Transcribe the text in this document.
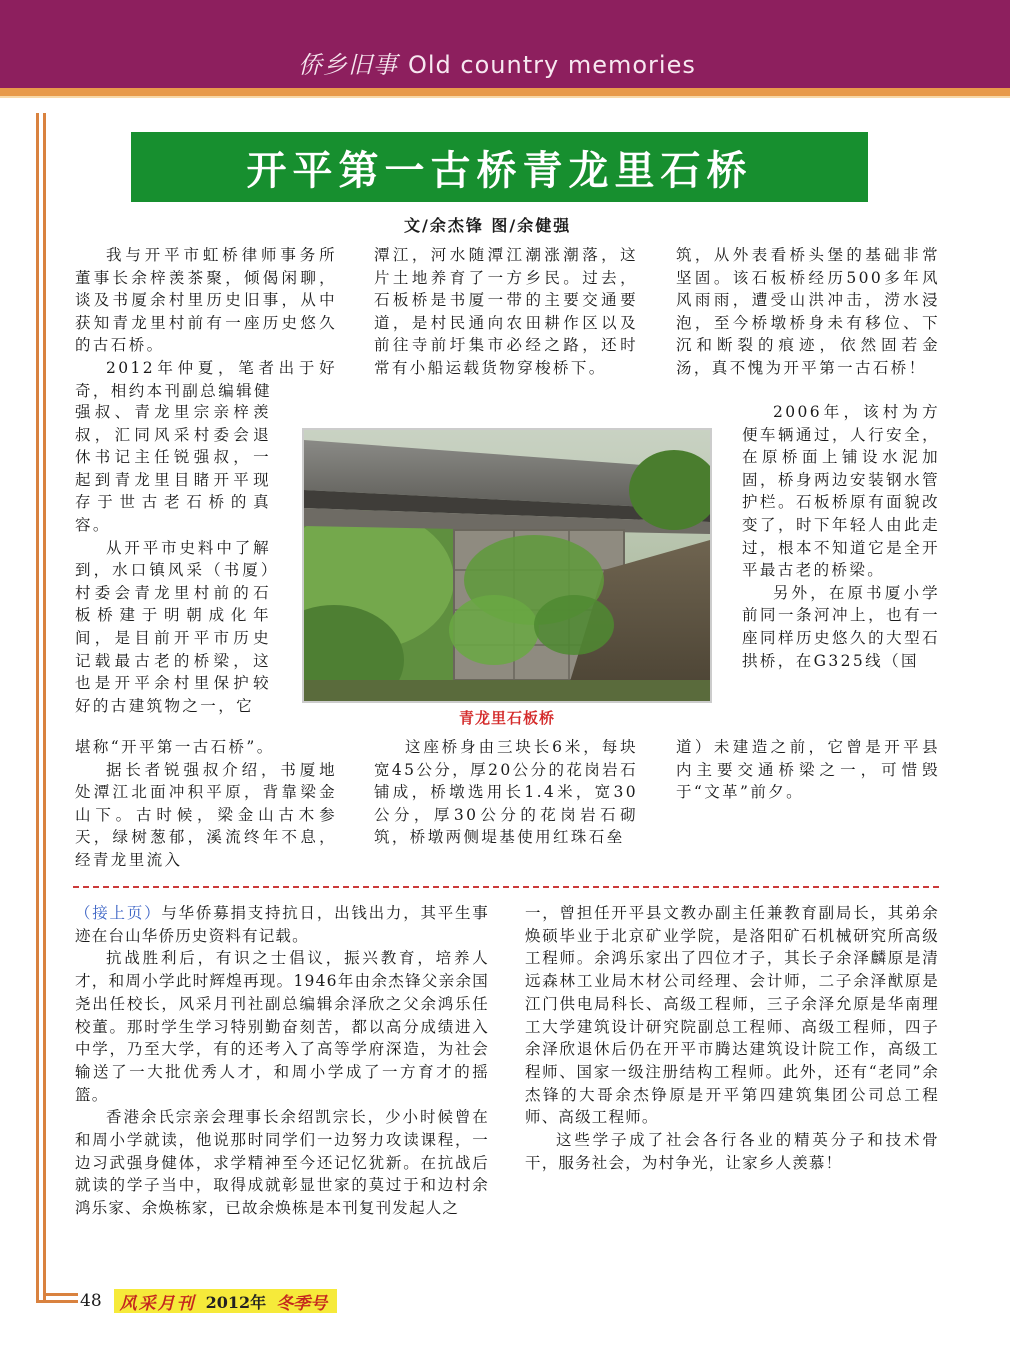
侨乡旧事 Old country memories
开平第一古桥青龙里石桥
文/余杰锋 图/余健强

我与开平市虹桥律师事务所董事长余梓羡茶聚，倾偈闲聊，谈及书厦余村里历史旧事，从中获知青龙里村前有一座历史悠久的古石桥。

2012年仲夏，笔者出于好奇，相约本刊副总编辑健

强叔、青龙里宗亲梓羡叔，汇同风采村委会退休书记主任锐强叔，一起到青龙里目睹开平现存于世古老石桥的真容。

从开平市史料中了解到，水口镇风采（书厦）村委会青龙里村前的石板桥建于明朝成化年间，是目前开平市历史记载最古老的桥梁，这也是开平余村里保护较好的古建筑物之一，它

堪称“开平第一古石桥”。

据长者锐强叔介绍，书厦地处潭江北面冲积平原，背靠梁金山下。古时候，梁金山古木参天，绿树葱郁，溪流终年不息，经青龙里流入

潭江，河水随潭江潮涨潮落，这片土地养育了一方乡民。过去，石板桥是书厦一带的主要交通要道，是村民通向农田耕作区以及前往寺前圩集市必经之路，还时常有小船运载货物穿梭桥下。

这座桥身由三块长6米，每块宽45公分，厚20公分的花岗岩石铺成，桥墩选用长1.4米，宽30公分，厚30公分的花岗岩石砌筑，桥墩两侧堤基使用红珠石垒

筑，从外表看桥头堡的基础非常坚固。该石板桥经历500多年风风雨雨，遭受山洪冲击，涝水浸泡，至今桥墩桥身未有移位、下沉和断裂的痕迹，依然固若金汤，真不愧为开平第一古石桥！

2006年，该村为方便车辆通过，人行安全，在原桥面上铺设水泥加固，桥身两边安装钢水管护栏。石板桥原有面貌改变了，时下年轻人由此走过，根本不知道它是全开平最古老的桥梁。

另外，在原书厦小学前同一条河冲上，也有一座同样历史悠久的大型石拱桥，在G325线（国

道）未建造之前，它曾是开平县内主要交通桥梁之一，可惜毁于“文革”前夕。

青龙里石板桥

（接上页）与华侨募捐支持抗日，出钱出力，其平生事迹在台山华侨历史资料有记载。

抗战胜利后，有识之士倡议，振兴教育，培养人才，和周小学此时辉煌再现。1946年由余杰锋父亲余国尧出任校长，风采月刊社副总编辑余泽欣之父余鸿乐任校董。那时学生学习特别勤奋刻苦，都以高分成绩进入中学，乃至大学，有的还考入了高等学府深造，为社会输送了一大批优秀人才，和周小学成了一方育才的摇篮。

香港余氏宗亲会理事长余绍凯宗长，少小时候曾在和周小学就读，他说那时同学们一边努力攻读课程，一边习武强身健体，求学精神至今还记忆犹新。在抗战后就读的学子当中，取得成就彰显世家的莫过于和边村余鸿乐家、余焕栋家，已故余焕栋是本刊复刊发起人之

一，曾担任开平县文教办副主任兼教育副局长，其弟余焕硕毕业于北京矿业学院，是洛阳矿石机械研究所高级工程师。余鸿乐家出了四位才子，其长子余泽麟原是清远森林工业局木材公司经理、会计师，二子余泽猷原是江门供电局科长、高级工程师，三子余泽允原是华南理工大学建筑设计研究院副总工程师、高级工程师，四子余泽欣退休后仍在开平市腾达建筑设计院工作，高级工程师、国家一级注册结构工程师。此外，还有“老同”余杰锋的大哥余杰铮原是开平第四建筑集团公司总工程师、高级工程师。

这些学子成了社会各行各业的精英分子和技术骨干，服务社会，为村争光，让家乡人羡慕！

48 风采月刊 2012年 冬季号
